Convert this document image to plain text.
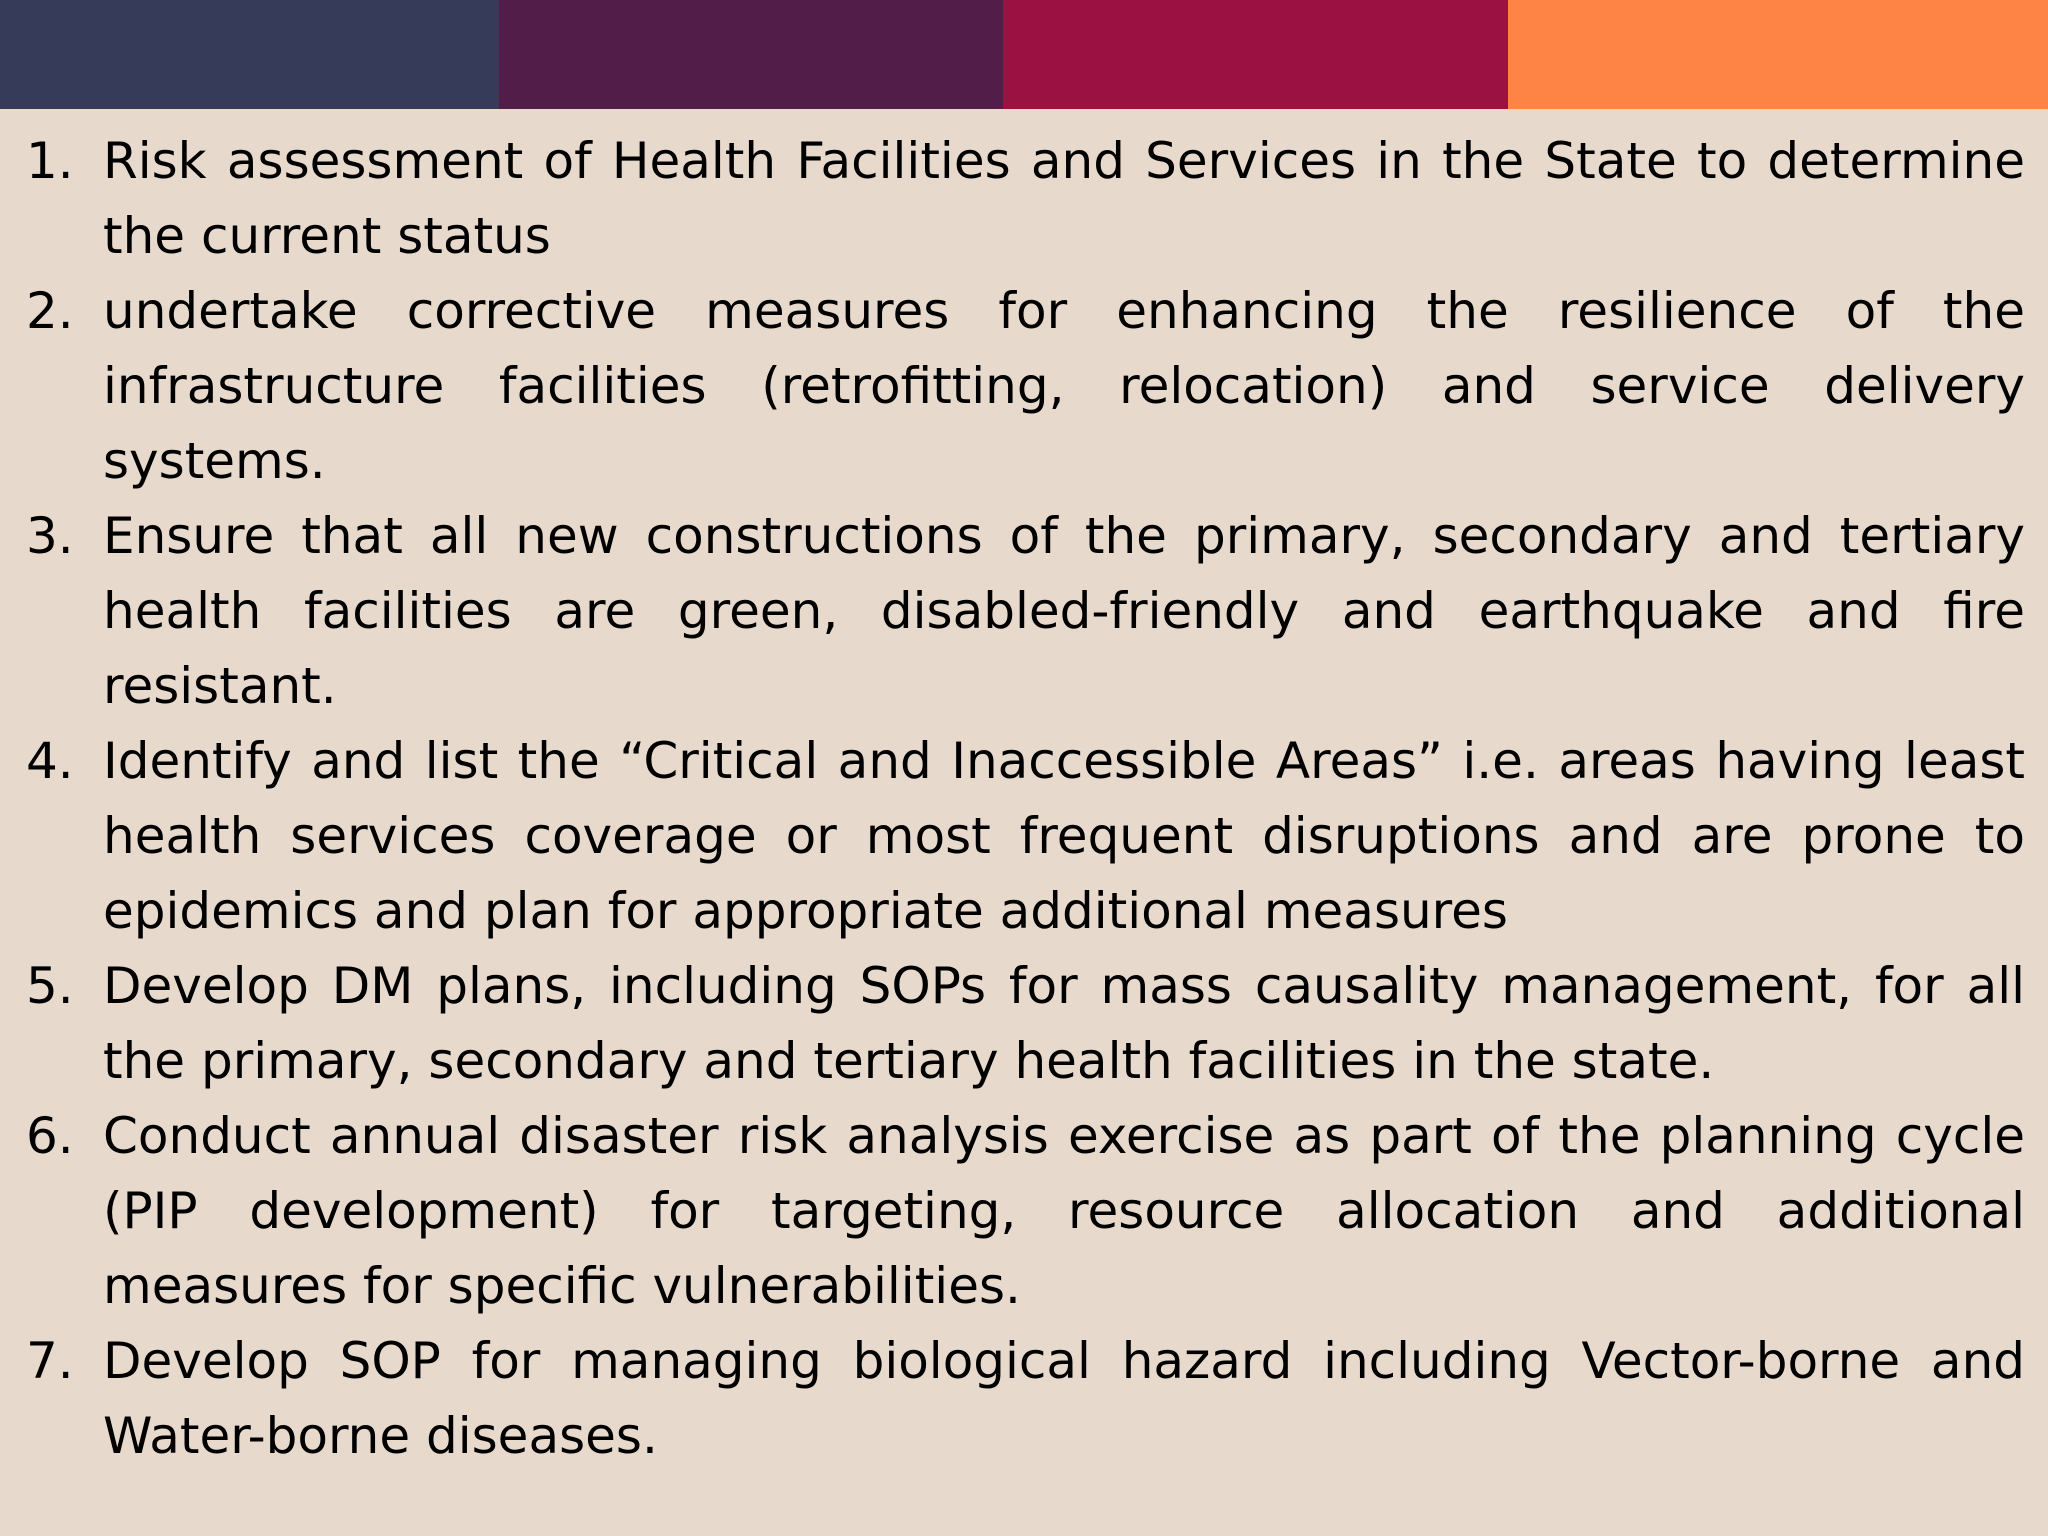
1. Risk assessment of Health Facilities and Services in the State to determine the current status
2. undertake corrective measures for enhancing the resilience of the infrastructure facilities (retrofitting, relocation) and service delivery systems.
3. Ensure that all new constructions of the primary, secondary and tertiary health facilities are green, disabled-friendly and earthquake and fire resistant.
4. Identify and list the “Critical and Inaccessible Areas” i.e. areas having least health services coverage or most frequent disruptions and are prone to epidemics and plan for appropriate additional measures
5. Develop DM plans, including SOPs for mass causality management, for all the primary, secondary and tertiary health facilities in the state.
6. Conduct annual disaster risk analysis exercise as part of the planning cycle (PIP development) for targeting, resource allocation and additional measures for specific vulnerabilities.
7. Develop SOP for managing biological hazard including Vector-borne and Water-borne diseases.
